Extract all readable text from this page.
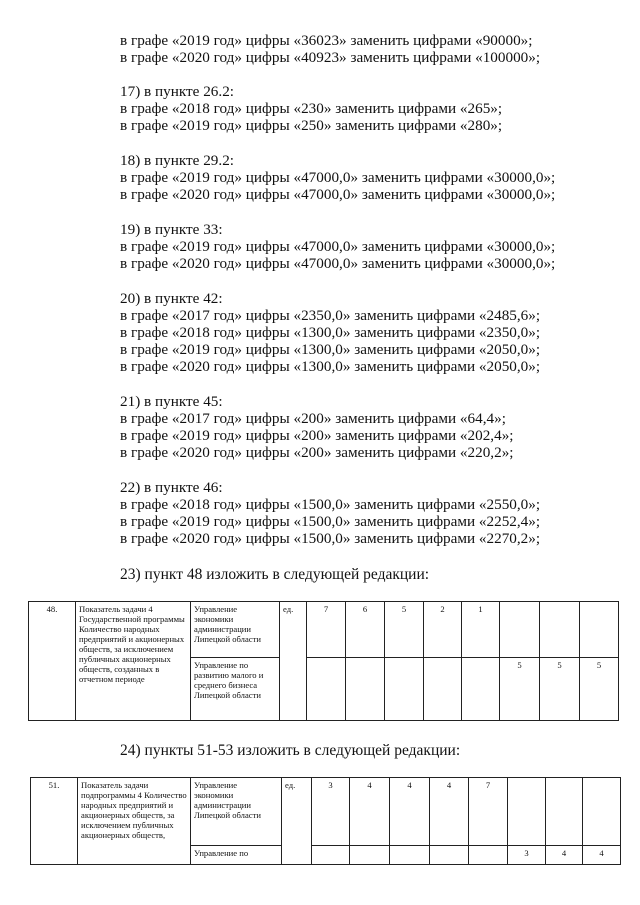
в графе «2019 год» цифры «36023» заменить цифрами «90000»;
в графе «2020 год» цифры «40923» заменить цифрами «100000»;
17) в пункте 26.2:
в графе «2018 год» цифры «230» заменить цифрами «265»;
в графе «2019 год» цифры «250» заменить цифрами «280»;
18) в пункте 29.2:
в графе «2019 год» цифры «47000,0» заменить цифрами «30000,0»;
в графе «2020 год» цифры «47000,0» заменить цифрами «30000,0»;
19) в пункте 33:
в графе «2019 год» цифры «47000,0» заменить цифрами «30000,0»;
в графе «2020 год» цифры «47000,0» заменить цифрами «30000,0»;
20) в пункте 42:
в графе «2017 год» цифры «2350,0» заменить цифрами «2485,6»;
в графе «2018 год» цифры «1300,0» заменить цифрами «2350,0»;
в графе «2019 год» цифры «1300,0» заменить цифрами «2050,0»;
в графе «2020 год» цифры «1300,0» заменить цифрами «2050,0»;
21) в пункте 45:
в графе «2017 год» цифры «200» заменить цифрами «64,4»;
в графе «2019 год» цифры «200» заменить цифрами «202,4»;
в графе «2020 год» цифры «200» заменить цифрами «220,2»;
22) в пункте 46:
в графе «2018 год» цифры «1500,0» заменить цифрами «2550,0»;
в графе «2019 год» цифры «1500,0» заменить цифрами «2252,4»;
в графе «2020 год» цифры «1500,0» заменить цифрами «2270,2»;
23) пункт 48 изложить в следующей редакции:
48.	Показатель задачи 4 Государственной программы Количество народных предприятий и акционерных обществ, за исключением публичных акционерных обществ, созданных в отчетном периоде	Управление экономики администрации Липецкой области	ед.	7	6	5	2	1			
		Управление по развитию малого и среднего бизнеса Липецкой области							5	5	5
24) пункты 51-53 изложить в следующей редакции:
51.	Показатель задачи подпрограммы 4 Количество народных предприятий и акционерных обществ, за исключением публичных акционерных обществ,	Управление экономики администрации Липецкой области	ед.	3	4	4	4	7			
		Управление по							3	4	4
